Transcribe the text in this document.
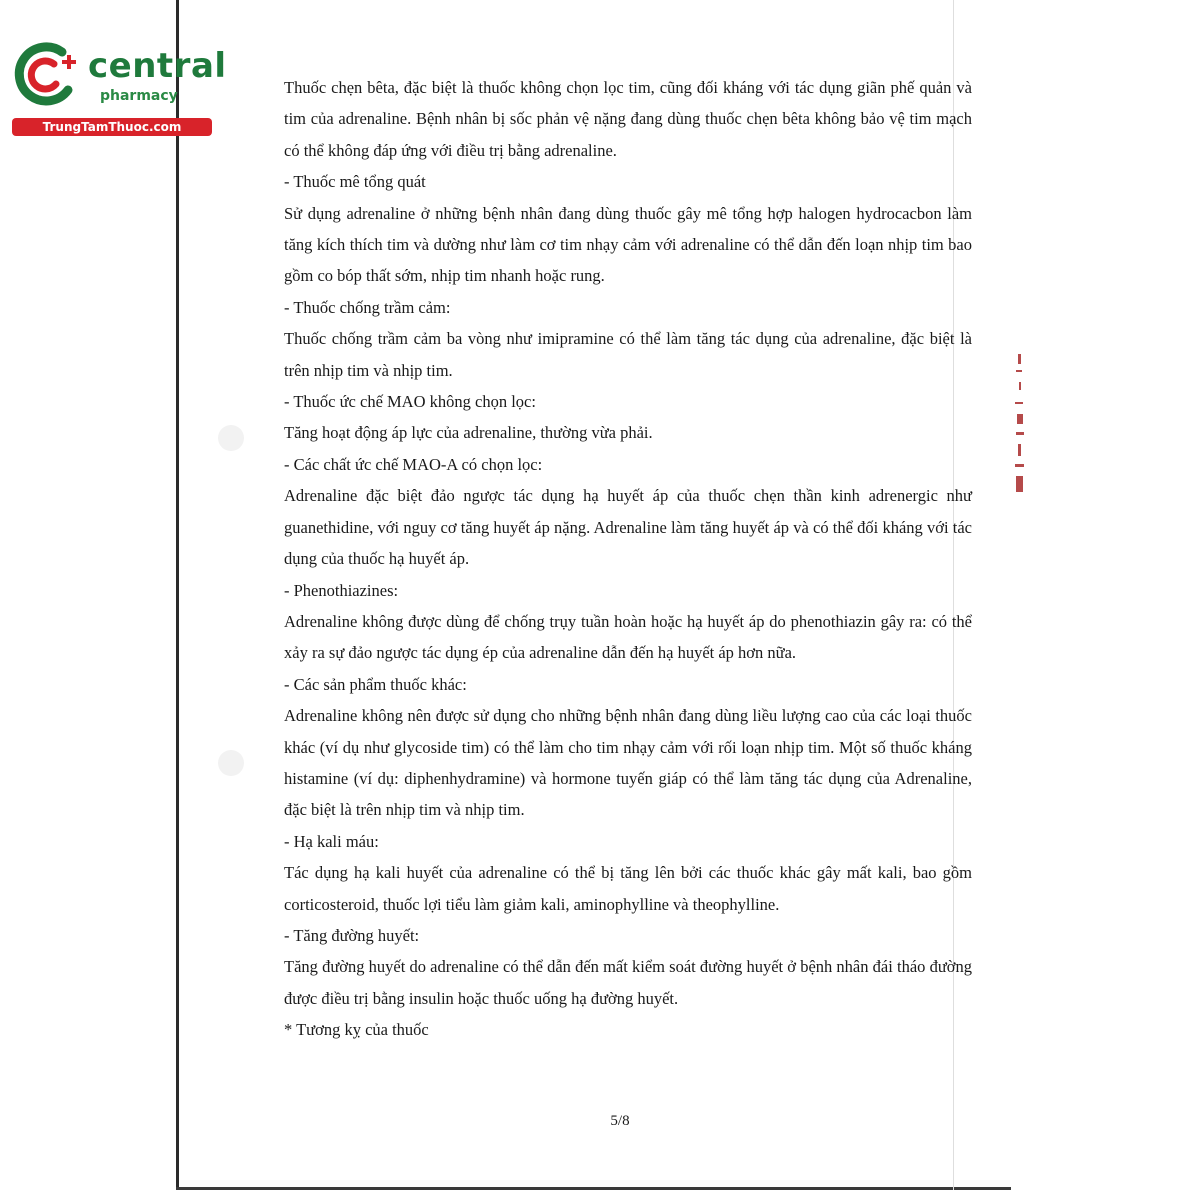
central
pharmacy
TrungTamThuoc.com

Thuốc chẹn bêta, đặc biệt là thuốc không chọn lọc tim, cũng đối kháng với tác dụng giãn phế quản và tim của adrenaline. Bệnh nhân bị sốc phản vệ nặng đang dùng thuốc chẹn bêta không bảo vệ tim mạch có thể không đáp ứng với điều trị bằng adrenaline.

- Thuốc mê tổng quát

Sử dụng adrenaline ở những bệnh nhân đang dùng thuốc gây mê tổng hợp halogen hydrocacbon làm tăng kích thích tim và dường như làm cơ tim nhạy cảm với adrenaline có thể dẫn đến loạn nhịp tim bao gồm co bóp thất sớm, nhịp tim nhanh hoặc rung.

- Thuốc chống trầm cảm:

Thuốc chống trầm cảm ba vòng như imipramine có thể làm tăng tác dụng của adrenaline, đặc biệt là trên nhịp tim và nhịp tim.

- Thuốc ức chế MAO không chọn lọc:

Tăng hoạt động áp lực của adrenaline, thường vừa phải.

- Các chất ức chế MAO-A có chọn lọc:

Adrenaline đặc biệt đảo ngược tác dụng hạ huyết áp của thuốc chẹn thần kinh adrenergic như guanethidine, với nguy cơ tăng huyết áp nặng. Adrenaline làm tăng huyết áp và có thể đối kháng với tác dụng của thuốc hạ huyết áp.

- Phenothiazines:

Adrenaline không được dùng để chống trụy tuần hoàn hoặc hạ huyết áp do phenothiazin gây ra: có thể xảy ra sự đảo ngược tác dụng ép của adrenaline dẫn đến hạ huyết áp hơn nữa.

- Các sản phẩm thuốc khác:

Adrenaline không nên được sử dụng cho những bệnh nhân đang dùng liều lượng cao của các loại thuốc khác (ví dụ như glycoside tim) có thể làm cho tim nhạy cảm với rối loạn nhịp tim. Một số thuốc kháng histamine (ví dụ: diphenhydramine) và hormone tuyến giáp có thể làm tăng tác dụng của Adrenaline, đặc biệt là trên nhịp tim và nhịp tim.

- Hạ kali máu:

Tác dụng hạ kali huyết của adrenaline có thể bị tăng lên bởi các thuốc khác gây mất kali, bao gồm corticosteroid, thuốc lợi tiểu làm giảm kali, aminophylline và theophylline.

- Tăng đường huyết:

Tăng đường huyết do adrenaline có thể dẫn đến mất kiểm soát đường huyết ở bệnh nhân đái tháo đường được điều trị bằng insulin hoặc thuốc uống hạ đường huyết.

* Tương kỵ của thuốc

5/8
